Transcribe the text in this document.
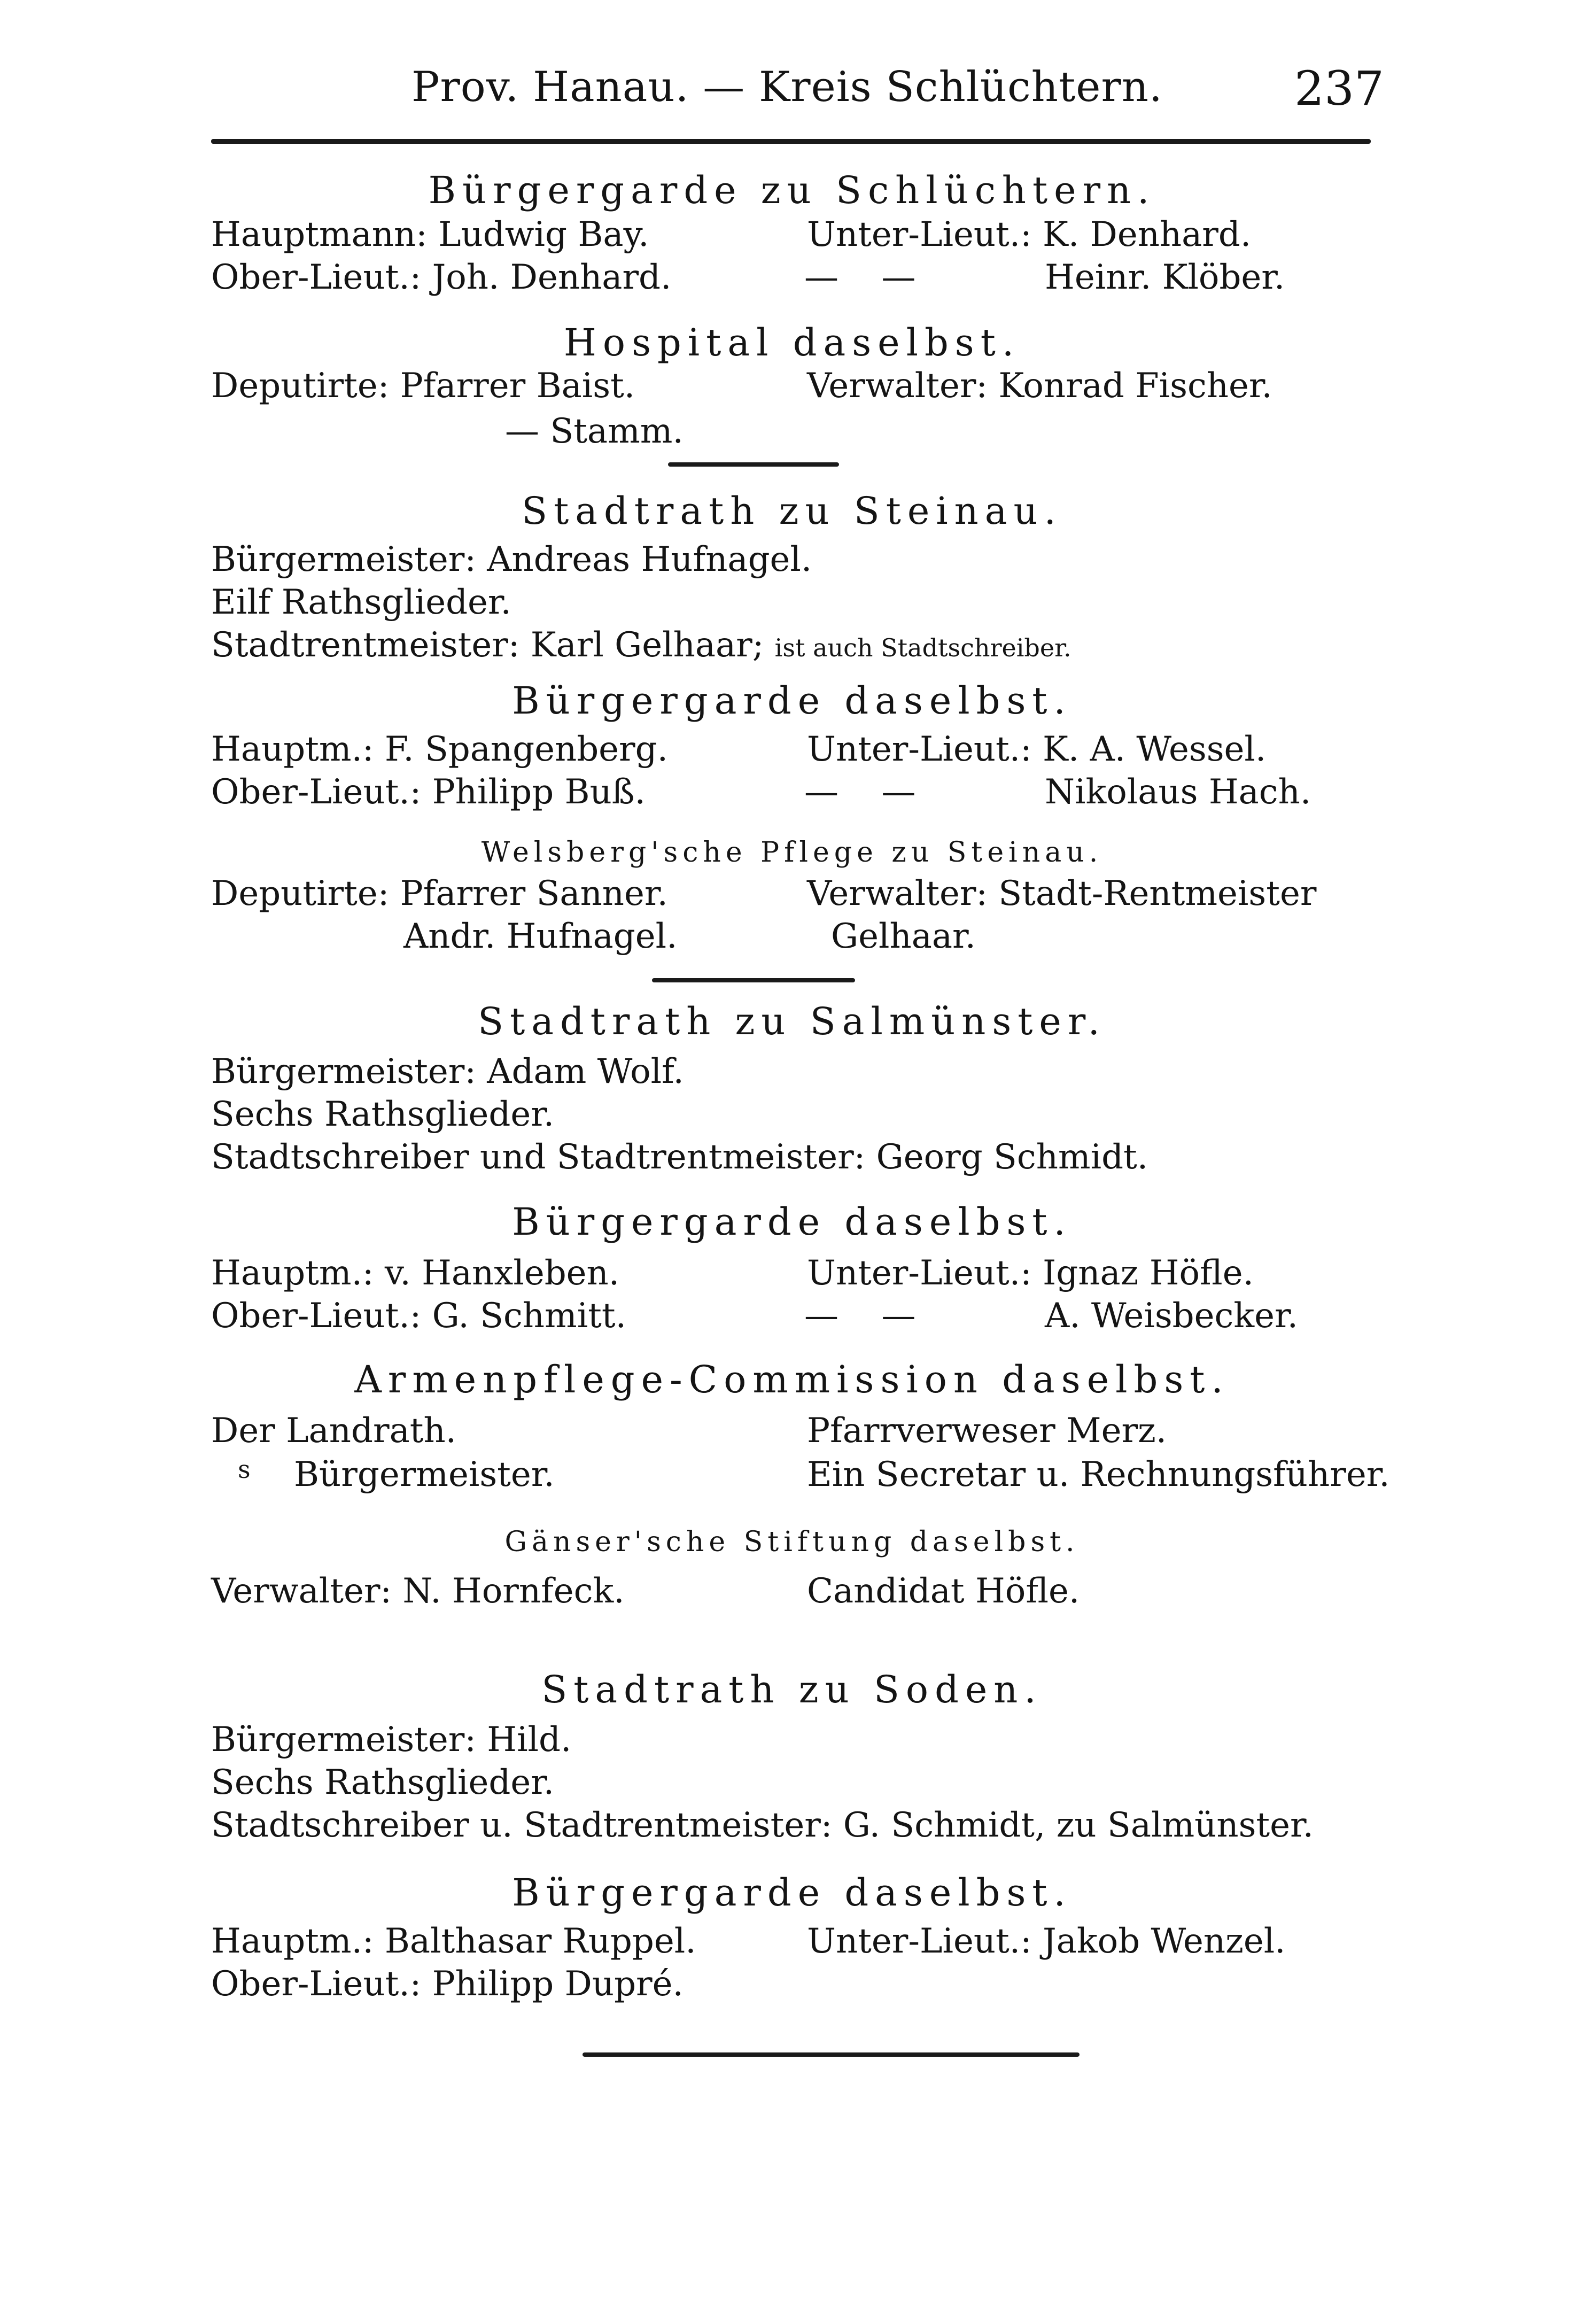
Prov. Hanau. — Kreis Schlüchtern.	237
Bürgergarde zu Schlüchtern.
Hauptmann: Ludwig Bay.	Unter-Lieut.: K. Denhard.
Ober-Lieut.: Joh. Denhard.	— —	Heinr. Klöber.
Hospital daselbst.
Deputirte: Pfarrer Baist.	Verwalter: Konrad Fischer.
— Stamm.
Stadtrath zu Steinau.
Bürgermeister: Andreas Hufnagel.
Eilf Rathsglieder.
Stadtrentmeister: Karl Gelhaar; ist auch Stadtschreiber.
Bürgergarde daselbst.
Hauptm.: F. Spangenberg.	Unter-Lieut.: K. A. Wessel.
Ober-Lieut.: Philipp Buß.	— —	Nikolaus Hach.
Welsberg'sche Pflege zu Steinau.
Deputirte: Pfarrer Sanner.	Verwalter: Stadt-Rentmeister
Andr. Hufnagel.	Gelhaar.
Stadtrath zu Salmünster.
Bürgermeister: Adam Wolf.
Sechs Rathsglieder.
Stadtschreiber und Stadtrentmeister: Georg Schmidt.
Bürgergarde daselbst.
Hauptm.: v. Hanxleben.	Unter-Lieut.: Ignaz Höfle.
Ober-Lieut.: G. Schmitt.	— —	A. Weisbecker.
Armenpflege-Commission daselbst.
Der Landrath.	Pfarrverweser Merz.
s Bürgermeister.	Ein Secretar u. Rechnungsführer.
Gänser'sche Stiftung daselbst.
Verwalter: N. Hornfeck.	Candidat Höfle.
Stadtrath zu Soden.
Bürgermeister: Hild.
Sechs Rathsglieder.
Stadtschreiber u. Stadtrentmeister: G. Schmidt, zu Salmünster.
Bürgergarde daselbst.
Hauptm.: Balthasar Ruppel.	Unter-Lieut.: Jakob Wenzel.
Ober-Lieut.: Philipp Dupré.
